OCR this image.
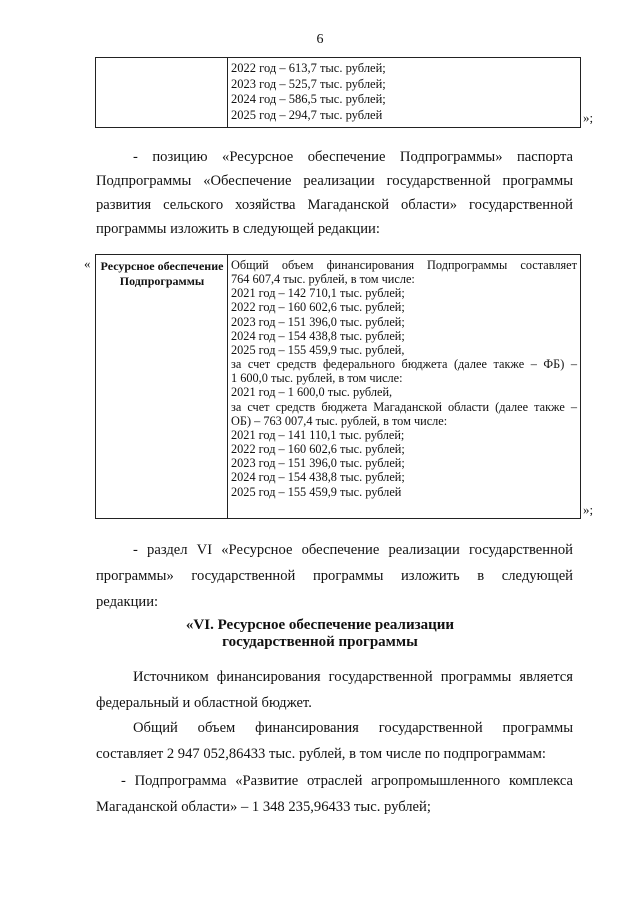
6
2022 год – 613,7 тыс. рублей;
2023 год – 525,7 тыс. рублей;
2024 год – 586,5 тыс. рублей;
2025 год – 294,7 тыс. рублей	»;
- позицию «Ресурсное обеспечение Подпрограммы» паспорта
Подпрограммы «Обеспечение реализации государственной программы
развития сельского хозяйства Магаданской области» государственной
программы изложить в следующей редакции:
« Ресурсное обеспечение Подпрограммы
Общий объем финансирования Подпрограммы составляет
764 607,4 тыс. рублей, в том числе:
2021 год – 142 710,1 тыс. рублей;
2022 год – 160 602,6 тыс. рублей;
2023 год – 151 396,0 тыс. рублей;
2024 год – 154 438,8 тыс. рублей;
2025 год – 155 459,9 тыс. рублей,
за счет средств федерального бюджета (далее также – ФБ) –
1 600,0 тыс. рублей, в том числе:
2021 год – 1 600,0 тыс. рублей,
за счет средств бюджета Магаданской области (далее также –
ОБ) – 763 007,4 тыс. рублей, в том числе:
2021 год – 141 110,1 тыс. рублей;
2022 год – 160 602,6 тыс. рублей;
2023 год – 151 396,0 тыс. рублей;
2024 год – 154 438,8 тыс. рублей;
2025 год – 155 459,9 тыс. рублей
»;
- раздел VI «Ресурсное обеспечение реализации государственной
программы» государственной программы изложить в следующей
редакции:
«VI. Ресурсное обеспечение реализации
государственной программы
Источником финансирования государственной программы является
федеральный и областной бюджет.
Общий объем финансирования государственной программы
составляет 2 947 052,86433 тыс. рублей, в том числе по подпрограммам:
- Подпрограмма «Развитие отраслей агропромышленного комплекса
Магаданской области» – 1 348 235,96433 тыс. рублей;
